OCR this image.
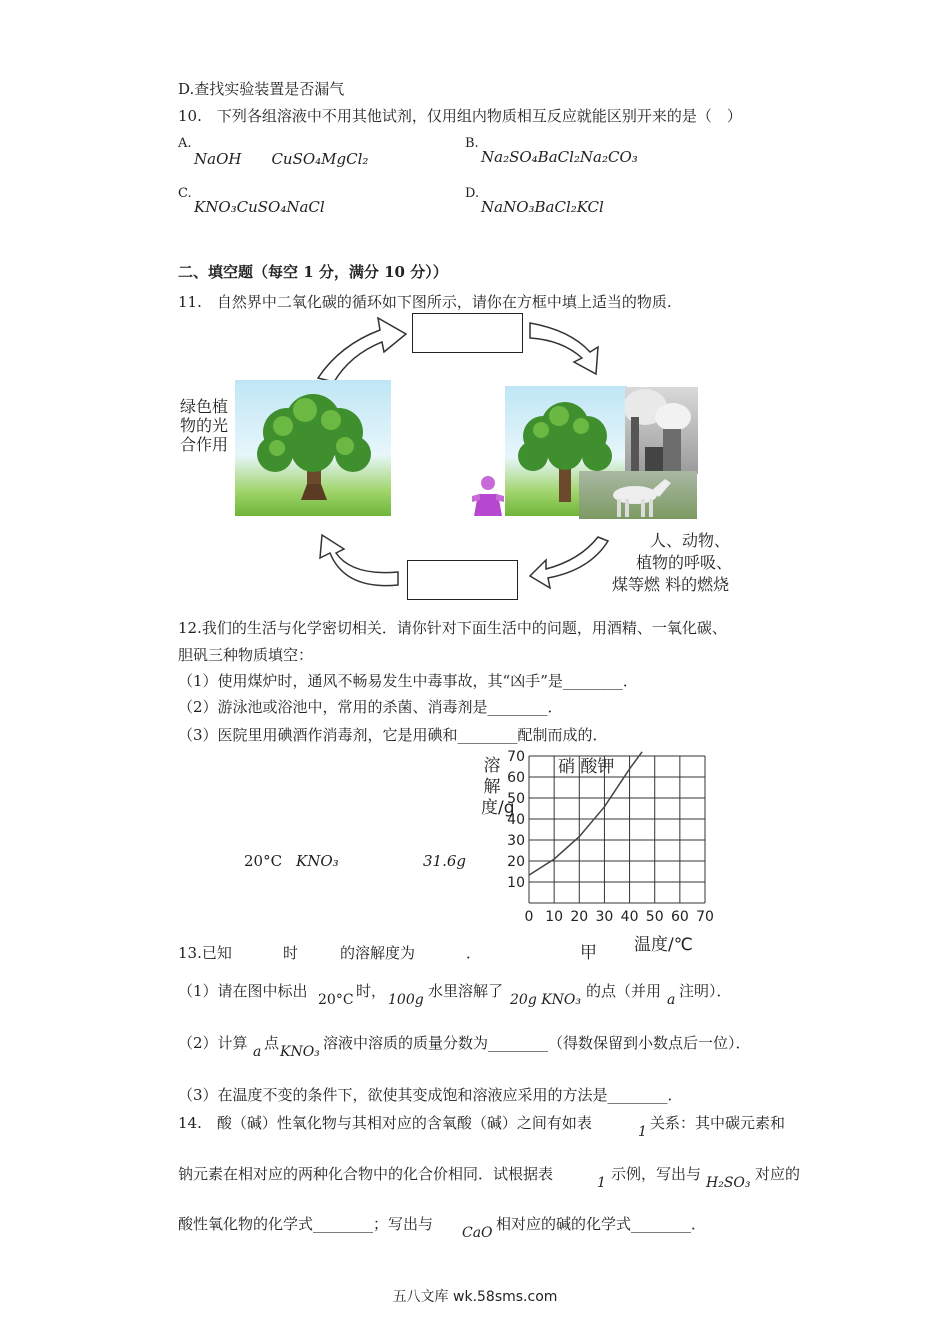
D.查找实验装置是否漏气
10.　下列各组溶液中不用其他试剂，仅用组内物质相互反应就能区别开来的是（　）
A.
NaOH　　CuSO₄MgCl₂
B.
Na₂SO₄BaCl₂Na₂CO₃
C.
KNO₃CuSO₄NaCl
D.
NaNO₃BaCl₂KCl
二、填空题（每空 1 分，满分 10 分））
11.　自然界中二氧化碳的循环如下图所示，请你在方框中填上适当的物质.
绿色植
物的光
合作用
人、动物、
植物的呼吸、
煤等燃 料的燃烧
12.我们的生活与化学密切相关．请你针对下面生活中的问题，用酒精、一氧化碳、
胆矾三种物质填空：
（1）使用煤炉时，通风不畅易发生中毒事故，其“凶手”是________．
（2）游泳池或浴池中，常用的杀菌、消毒剂是________．
（3）医院里用碘酒作消毒剂，它是用碘和________配制而成的．
0 10 20 30 40 50 60 70
10
20
30
40
50
60
70 硝 酸钾
溶解度/g
温度/℃
甲
20°C KNO₃	31.6g
13.已知	时	的溶解度为	．
（1）请在图中标出 20°C 时， 100g 水里溶解了 20g KNO₃ 的点（并用 a 注明）．
（2）计算 a 点 KNO₃ 溶液中溶质的质量分数为________（得数保留到小数点后一位）．
（3）在温度不变的条件下，欲使其变成饱和溶液应采用的方法是________．
14.　酸（碱）性氧化物与其相对应的含氧酸（碱）之间有如表	1 关系：其中碳元素和
钠元素在相对应的两种化合物中的化合价相同．试根据表	1 示例，写出与 H₂SO₃ 对应的
酸性氧化物的化学式________；写出与 CaO 相对应的碱的化学式________．
五八文库 wk.58sms.com
